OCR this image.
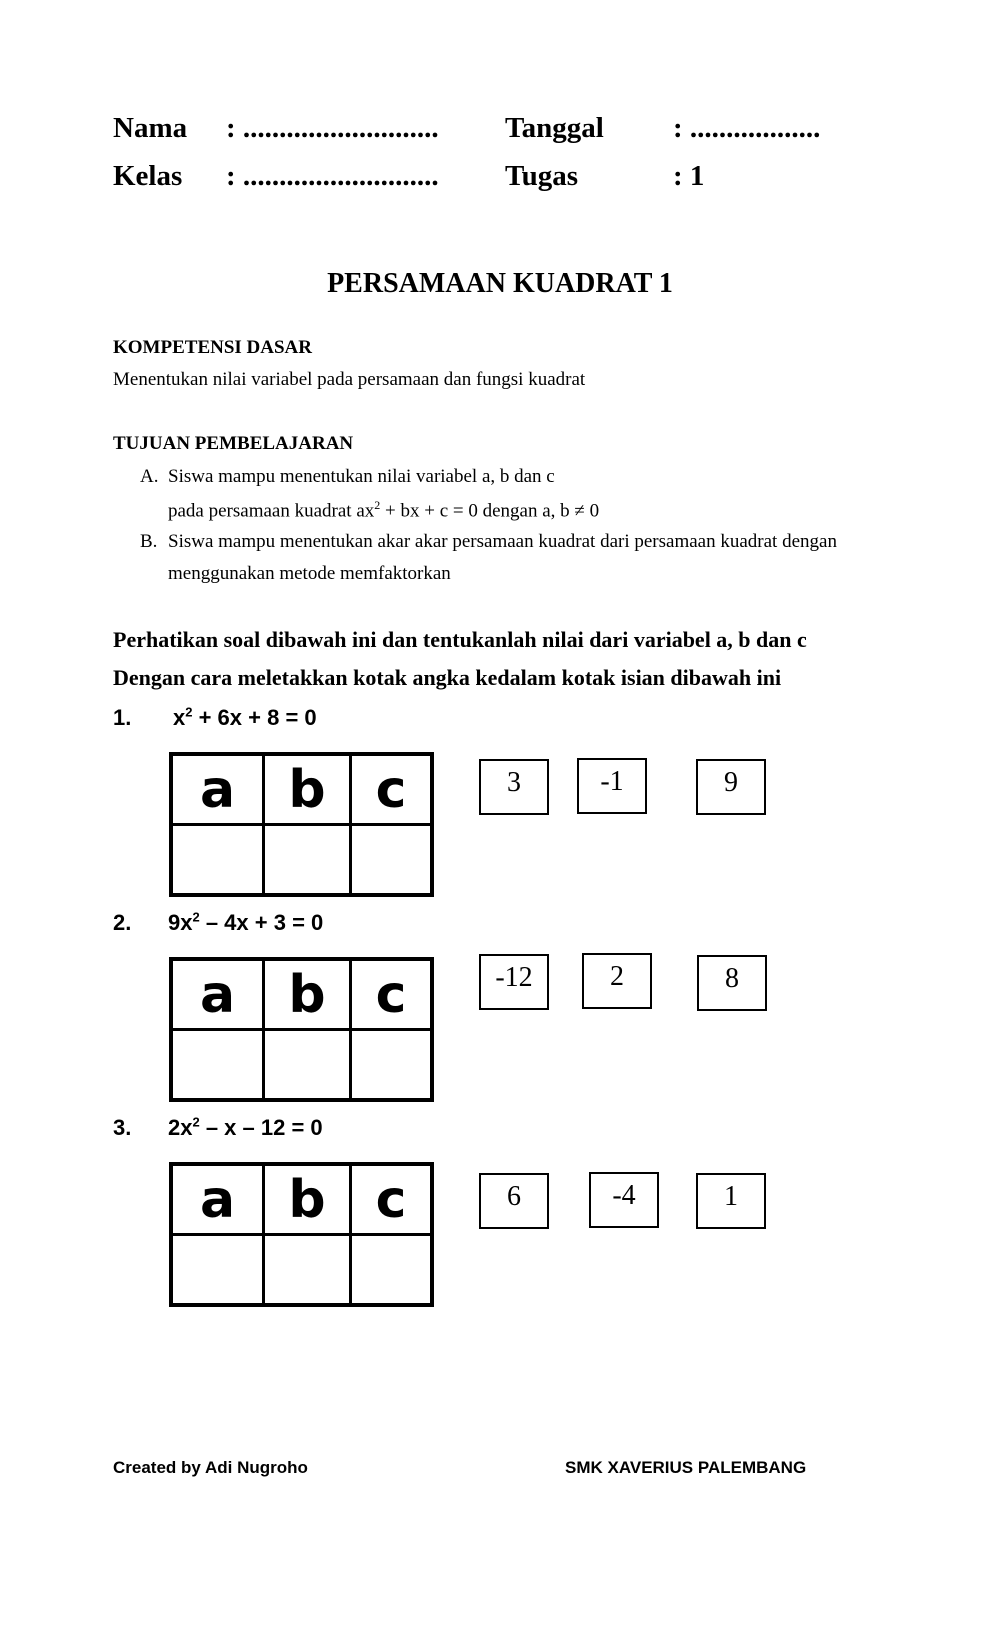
Nama : ........................... Tanggal : ..................
Kelas : ........................... Tugas	: 1
PERSAMAAN KUADRAT 1
KOMPETENSI DASAR
Menentukan nilai variabel pada persamaan dan fungsi kuadrat
TUJUAN PEMBELAJARAN
A. Siswa mampu menentukan nilai variabel a, b dan c
pada persamaan kuadrat $ax^2$ + bx + c = 0 dengan a, b ≠ 0
B. Siswa mampu menentukan akar akar persamaan kuadrat dari persamaan kuadrat dengan
menggunakan metode memfaktorkan
Perhatikan soal dibawah ini dan tentukanlah nilai dari variabel a, b dan c
Dengan cara meletakkan kotak angka kedalam kotak isian dibawah ini
1. $x^2 + 6x + 8 = 0$
a	b	c
			3	-1	9
2. $9x^2 - 4x + 3 = 0$
a	b	c
			-12	2	8
3. $2x^2 - x - 12 = 0$
a	b	c
			6	-4	1
Created by Adi Nugroho	SMK XAVERIUS PALEMBANG
